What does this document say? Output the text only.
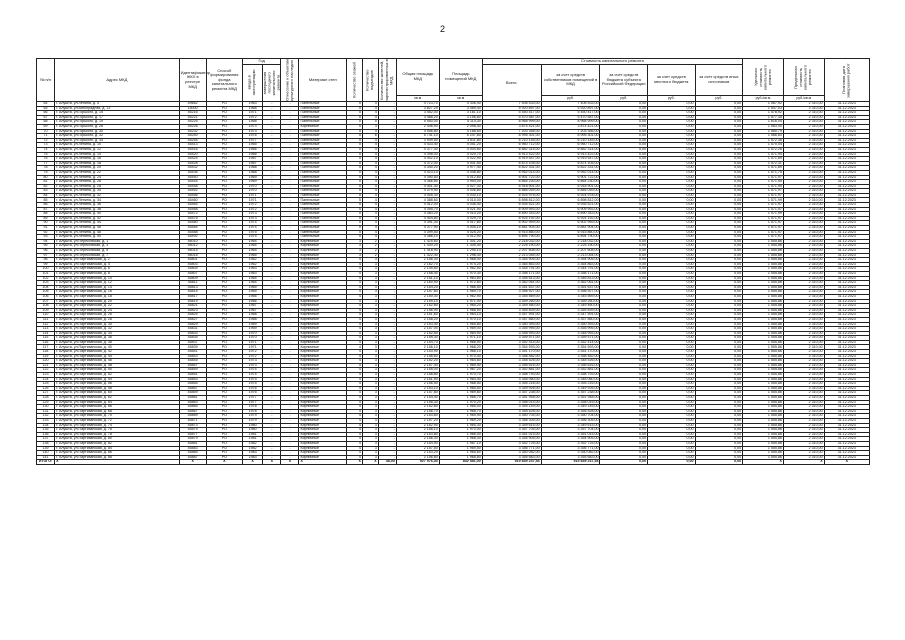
2
№ п/п	Адрес МКД	Идентификатор ЖКХ в реестре МКД	Способ формирования фонда капитального ремонта МКД	Год		Отнесение к объектам культурного наследия	Материал стен	Количество этажей	Количество подъездов	Количество жителей, зарегистрированных в МКД	Общая площадь МКД	Площадь помещений МКД	Стоимость капитального ремонта					Удельная стоимость капитального ремонта	Предельная стоимость капитального ремонта	Плановая дата завершения работ
				ввода в эксплуатацию	завершения последнего капитального ремонта								Всего:	за счет средств собственников помещений в МКД	за счет средств бюджета субъекта Российской Федерации	за счет средств местного бюджета	за счет средств иных источников			
											кв.м	кв.м		руб.	руб.	руб.	руб.	руб./кв.м	руб./кв.м	
64	г. Алушта, ул.Ленина, д. 4	49662	РО	1963	-	-	Панельные	5	4	-	4 723,70	4 306,40	7 406 533,00	7 406 533,00	0,00	0,00	0,00	1 567,92	2 310,00	31.12.2023
65	г. Алушта, ул.Виноградная, д. 13	15000	РО	1968	-	-	Панельные	5	4	-	3 827,29	3 489,40	5 920 897,00	5 920 897,00	0,00	0,00	0,00	1 547,03	2 310,00	31.12.2023
66	г. Алушта, ул.Горького, д. 15	45216	РО	1971	-	-	Панельные	5	4	-	3 452,00	3 161,10	5 450 417,00	5 450 417,00	0,00	0,00	0,00	1 578,92	2 310,00	31.12.2023
67	г. Алушта, ул.Горького, д. 17	45221	РО	1972	-	-	Панельные	5	4	-	3 468,20	3 156,80	5 470 587,00	5 470 587,00	0,00	0,00	0,00	1 577,35	2 310,00	31.12.2023
68	г. Алушта, ул.Горького, д. 19	45225	РО	1968	-	-	Панельные	5	5	-	5 550,00	5 114,30	8 968 999,00	8 968 999,00	0,00	0,00	0,00	1 616,04	2 310,00	31.12.2023
69	г. Алушта, ул.Горького, д. 26	45226	РО	1973	-	-	Кирпичные	5	3	-	2 446,90	2 098,40	3 874 421,00	3 874 421,00	0,00	0,00	0,00	1 583,40	2 310,00	31.12.2023
70	г. Алушта, ул.Горького, д. 30	45232	РО	1973	-	-	Панельные	5	4	-	4 556,80	4 188,60	7 203 356,00	7 203 356,00	0,00	0,00	0,00	1 580,79	2 310,00	31.12.2023
71	г. Алушта, ул.Горького, д. 32	45240	РО	1976	-	-	Панельные	5	6	-	5 741,10	5 247,60	8 995 301,00	8 995 301,00	0,00	0,00	0,00	1 566,83	2 310,00	31.12.2023
72	г. Алушта, ул.Горького, д. 34	45254	РО	1977	-	-	Панельные	5	4	-	3 949,50	3 611,80	6 210 145,00	6 210 145,00	0,00	0,00	0,00	1 572,38	2 310,00	31.12.2023
73	г. Алушта, ул.Ленина, д. 10	45413	РО	1965	-	-	Панельные	5	4	-	4 433,40	4 051,20	6 960 712,00	6 960 712,00	0,00	0,00	0,00	1 570,04	2 310,00	31.12.2023
74	г. Алушта, ул.Ленина, д. 12	45416	РО	1966	-	-	Панельные	5	4	-	4 377,30	4 004,80	6 882 314,00	6 882 314,00	0,00	0,00	0,00	1 572,26	2 310,00	31.12.2023
75	г. Алушта, ул.Ленина, д. 14	45420	РО	1966	-	-	Панельные	5	4	-	4 398,00	4 020,70	6 913 422,00	6 913 422,00	0,00	0,00	0,00	1 571,94	2 310,00	31.12.2023
76	г. Алушта, ул.Ленина, д. 16	45424	РО	1967	-	-	Панельные	5	4	-	4 402,10	4 022,90	6 919 547,00	6 919 547,00	0,00	0,00	0,00	1 571,89	2 310,00	31.12.2023
77	г. Алушта, ул.Ленина, д. 18	45428	РО	1967	-	-	Панельные	5	4	-	4 372,00	4 001,50	6 874 105,00	6 874 105,00	0,00	0,00	0,00	1 572,31	2 310,00	31.12.2023
78	г. Алушта, ул.Ленина, д. 20	45432	РО	1968	-	-	Панельные	5	4	-	4 340,20	3 977,40	6 822 331,00	6 822 331,00	0,00	0,00	0,00	1 571,89	2 310,00	31.12.2023
79	г. Алушта, ул.Ленина, д. 22	45436	РО	1968	-	-	Панельные	5	4	-	4 423,10	4 048,80	6 952 014,00	6 952 014,00	0,00	0,00	0,00	1 571,75	2 310,00	31.12.2023
80	г. Алушта, ул.Ленина, д. 24	45440	РО	1969	-	-	Панельные	5	4	-	4 390,50	4 012,60	6 901 722,00	6 901 722,00	0,00	0,00	0,00	1 571,97	2 310,00	31.12.2023
81	г. Алушта, ул.Ленина, д. 26	45444	РО	1969	-	-	Панельные	5	4	-	4 366,80	3 994,00	6 864 230,00	6 864 230,00	0,00	0,00	0,00	1 571,95	2 310,00	31.12.2023
82	г. Алушта, ул.Ленина, д. 28	45448	РО	1970	-	-	Панельные	5	4	-	4 401,40	4 027,30	6 918 901,00	6 918 901,00	0,00	0,00	0,00	1 571,95	2 310,00	31.12.2023
83	г. Алушта, ул.Ленина, д. 30	45452	РО	1970	-	-	Панельные	5	4	-	4 379,90	4 006,80	6 885 059,00	6 885 059,00	0,00	0,00	0,00	1 571,97	2 310,00	31.12.2023
84	г. Алушта, ул.Ленина, д. 32	45456	РО	1971	-	-	Панельные	5	4	-	4 405,30	4 030,10	6 924 978,00	6 924 978,00	0,00	0,00	0,00	1 571,97	2 310,00	31.12.2023
85	г. Алушта, ул.Ленина, д. 34	45460	РО	1971	-	-	Панельные	5	4	-	4 388,60	4 015,00	6 898 812,00	6 898 812,00	0,00	0,00	0,00	1 571,99	2 310,00	31.12.2023
86	г. Алушта, ул.Ленина, д. 36	45464	РО	1972	-	-	Панельные	5	4	-	4 412,00	4 036,40	6 935 521,00	6 935 521,00	0,00	0,00	0,00	1 571,97	2 310,00	31.12.2023
87	г. Алушта, ул.Ленина, д. 38	45468	РО	1972	-	-	Панельные	5	4	-	4 395,70	4 021,90	6 909 993,00	6 909 993,00	0,00	0,00	0,00	1 571,97	2 310,00	31.12.2023
88	г. Алушта, ул.Ленина, д. 40	45472	РО	1973	-	-	Панельные	5	4	-	4 383,20	4 010,20	6 890 343,00	6 890 343,00	0,00	0,00	0,00	1 571,99	2 310,00	31.12.2023
89	г. Алушта, ул.Ленина, д. 42	45476	РО	1973	-	-	Панельные	5	4	-	4 404,80	4 029,70	6 924 192,00	6 924 192,00	0,00	0,00	0,00	1 571,97	2 310,00	31.12.2023
90	г. Алушта, ул.Ленина, д. 44	45480	РО	1974	-	-	Панельные	5	4	-	4 391,30	4 017,60	6 902 959,00	6 902 959,00	0,00	0,00	0,00	1 571,97	2 310,00	31.12.2023
91	г. Алушта, ул.Ленина, д. 46	45484	РО	1974	-	-	Панельные	5	4	-	4 377,90	4 005,10	6 881 904,00	6 881 904,00	0,00	0,00	0,00	1 571,97	2 310,00	31.12.2023
92	г. Алушта, ул.Ленина, д. 48	45488	РО	1975	-	-	Панельные	5	4	-	4 399,50	4 025,20	6 915 860,00	6 915 860,00	0,00	0,00	0,00	1 571,97	2 310,00	31.12.2023
93	г. Алушта, ул.Ленина, д. 50	45492	РО	1975	-	-	Панельные	5	4	-	4 386,10	4 012,90	6 894 790,00	6 894 790,00	0,00	0,00	0,00	1 571,97	2 310,00	31.12.2023
94	г. Алушта, ул.Перекопская, д. 1	46010	РО	1964	-	-	Кирпичные	3	2	-	1 425,60	1 301,20	2 218 032,00	2 218 032,00	0,00	0,00	0,00	1 555,86	2 310,00	31.12.2023
95	г. Алушта, ул.Перекопская, д. 3	46012	РО	1964	-	-	Кирпичные	3	2	-	1 430,20	1 305,40	2 225 190,00	2 225 190,00	0,00	0,00	0,00	1 555,86	2 310,00	31.12.2023
96	г. Алушта, ул.Перекопская, д. 5	46014	РО	1965	-	-	Кирпичные	3	2	-	1 418,90	1 295,10	2 207 608,00	2 207 608,00	0,00	0,00	0,00	1 555,86	2 310,00	31.12.2023
97	г. Алушта, ул.Перекопская, д. 7	46016	РО	1965	-	-	Кирпичные	3	2	-	1 422,40	1 298,30	2 213 054,00	2 213 054,00	0,00	0,00	0,00	1 555,86	2 310,00	31.12.2023
98	г. Алушта, ул.Партизанская, д. 2	45801	РО	1962	-	-	Кирпичные	4	3	-	2 156,30	1 968,40	3 354 905,00	3 354 905,00	0,00	0,00	0,00	1 555,86	2 310,00	31.12.2023
99	г. Алушта, ул.Партизанская, д. 4	45803	РО	1962	-	-	Кирпичные	4	3	-	2 162,70	1 974,20	3 364 863,00	3 364 863,00	0,00	0,00	0,00	1 555,86	2 310,00	31.12.2023
100	г. Алушта, ул.Партизанская, д. 6	45805	РО	1963	-	-	Кирпичные	4	3	-	2 149,80	1 962,50	3 344 791,00	3 344 791,00	0,00	0,00	0,00	1 555,86	2 310,00	31.12.2023
101	г. Алушта, ул.Партизанская, д. 8	45807	РО	1963	-	-	Кирпичные	4	3	-	2 158,40	1 970,30	3 358 171,00	3 358 171,00	0,00	0,00	0,00	1 555,86	2 310,00	31.12.2023
102	г. Алушта, ул.Партизанская, д. 10	45809	РО	1964	-	-	Кирпичные	4	3	-	2 151,10	1 963,60	3 346 813,00	3 346 813,00	0,00	0,00	0,00	1 555,86	2 310,00	31.12.2023
103	г. Алушта, ул.Партизанская, д. 12	45811	РО	1964	-	-	Кирпичные	4	3	-	2 160,90	1 972,60	3 362 061,00	3 362 061,00	0,00	0,00	0,00	1 555,86	2 310,00	31.12.2023
104	г. Алушта, ул.Партизанская, д. 14	45813	РО	1965	-	-	Кирпичные	4	3	-	2 154,20	1 966,50	3 351 637,00	3 351 637,00	0,00	0,00	0,00	1 555,86	2 310,00	31.12.2023
105	г. Алушта, ул.Партизанская, д. 16	45815	РО	1965	-	-	Кирпичные	4	3	-	2 157,60	1 969,70	3 356 927,00	3 356 927,00	0,00	0,00	0,00	1 555,86	2 310,00	31.12.2023
106	г. Алушта, ул.Партизанская, д. 18	45817	РО	1966	-	-	Кирпичные	4	3	-	2 150,30	1 962,90	3 345 569,00	3 345 569,00	0,00	0,00	0,00	1 555,86	2 310,00	31.12.2023
107	г. Алушта, ул.Партизанская, д. 20	45819	РО	1966	-	-	Кирпичные	4	3	-	2 159,10	1 971,00	3 359 260,00	3 359 260,00	0,00	0,00	0,00	1 555,86	2 310,00	31.12.2023
108	г. Алушта, ул.Партизанская, д. 22	45821	РО	1967	-	-	Кирпичные	4	3	-	2 152,80	1 965,20	3 349 460,00	3 349 460,00	0,00	0,00	0,00	1 555,86	2 310,00	31.12.2023
109	г. Алушта, ул.Партизанская, д. 24	45823	РО	1967	-	-	Кирпичные	4	3	-	2 156,90	1 968,90	3 355 839,00	3 355 839,00	0,00	0,00	0,00	1 555,86	2 310,00	31.12.2023
110	г. Алушта, ул.Партизанская, д. 26	45825	РО	1968	-	-	Кирпичные	4	3	-	2 151,60	1 964,10	3 347 591,00	3 347 591,00	0,00	0,00	0,00	1 555,86	2 310,00	31.12.2023
111	г. Алушта, ул.Партизанская, д. 28	45827	РО	1968	-	-	Кирпичные	4	3	-	2 158,20	1 970,10	3 357 860,00	3 357 860,00	0,00	0,00	0,00	1 555,86	2 310,00	31.12.2023
112	г. Алушта, ул.Партизанская, д. 30	45829	РО	1969	-	-	Кирпичные	4	3	-	2 153,40	1 965,80	3 350 393,00	3 350 393,00	0,00	0,00	0,00	1 555,86	2 310,00	31.12.2023
113	г. Алушта, ул.Партизанская, д. 32	45831	РО	1969	-	-	Кирпичные	4	3	-	2 157,00	1 969,00	3 355 995,00	3 355 995,00	0,00	0,00	0,00	1 555,86	2 310,00	31.12.2023
114	г. Алушта, ул.Партизанская, д. 34	45833	РО	1970	-	-	Кирпичные	4	3	-	2 152,50	1 964,90	3 348 993,00	3 348 993,00	0,00	0,00	0,00	1 555,86	2 310,00	31.12.2023
115	г. Алушта, ул.Партизанская, д. 36	45835	РО	1970	-	-	Кирпичные	4	3	-	2 159,30	1 971,10	3 359 571,00	3 359 571,00	0,00	0,00	0,00	1 555,86	2 310,00	31.12.2023
116	г. Алушта, ул.Партизанская, д. 38	45837	РО	1971	-	-	Кирпичные	4	3	-	2 154,70	1 966,90	3 352 414,00	3 352 414,00	0,00	0,00	0,00	1 555,86	2 310,00	31.12.2023
117	г. Алушта, ул.Партизанская, д. 40	45839	РО	1971	-	-	Кирпичные	4	3	-	2 156,10	1 968,20	3 354 593,00	3 354 593,00	0,00	0,00	0,00	1 555,86	2 310,00	31.12.2023
118	г. Алушта, ул.Партизанская, д. 42	45841	РО	1972	-	-	Кирпичные	4	3	-	2 153,90	1 966,10	3 351 170,00	3 351 170,00	0,00	0,00	0,00	1 555,86	2 310,00	31.12.2023
119	г. Алушта, ул.Партизанская, д. 44	45843	РО	1972	-	-	Кирпичные	4	3	-	2 158,60	1 970,40	3 358 482,00	3 358 482,00	0,00	0,00	0,00	1 555,86	2 310,00	31.12.2023
120	г. Алушта, ул.Партизанская, д. 46	45845	РО	1973	-	-	Кирпичные	4	3	-	2 152,20	1 964,60	3 348 526,00	3 348 526,00	0,00	0,00	0,00	1 555,86	2 310,00	31.12.2023
121	г. Алушта, ул.Партизанская, д. 48	45847	РО	1973	-	-	Кирпичные	4	3	-	2 157,40	1 969,40	3 356 616,00	3 356 616,00	0,00	0,00	0,00	1 555,86	2 310,00	31.12.2023
122	г. Алушта, ул.Партизанская, д. 50	45849	РО	1974	-	-	Кирпичные	4	3	-	2 155,00	1 967,20	3 352 881,00	3 352 881,00	0,00	0,00	0,00	1 555,86	2 310,00	31.12.2023
123	г. Алушта, ул.Партизанская, д. 52	45851	РО	1974	-	-	Кирпичные	4	3	-	2 158,80	1 970,70	3 358 793,00	3 358 793,00	0,00	0,00	0,00	1 555,86	2 310,00	31.12.2023
124	г. Алушта, ул.Партизанская, д. 54	45853	РО	1975	-	-	Кирпичные	4	3	-	2 151,90	1 964,40	3 348 060,00	3 348 060,00	0,00	0,00	0,00	1 555,86	2 310,00	31.12.2023
125	г. Алушта, ул.Партизанская, д. 56	45855	РО	1975	-	-	Кирпичные	4	3	-	2 156,50	1 968,50	3 355 216,00	3 355 216,00	0,00	0,00	0,00	1 555,86	2 310,00	31.12.2023
126	г. Алушта, ул.Партизанская, д. 58	45857	РО	1976	-	-	Кирпичные	4	3	-	2 153,10	1 965,50	3 349 926,00	3 349 926,00	0,00	0,00	0,00	1 555,86	2 310,00	31.12.2023
127	г. Алушта, ул.Партизанская, д. 60	45859	РО	1976	-	-	Кирпичные	4	3	-	2 157,80	1 969,80	3 357 238,00	3 357 238,00	0,00	0,00	0,00	1 555,86	2 310,00	31.12.2023
128	г. Алушта, ул.Партизанская, д. 62	45861	РО	1977	-	-	Кирпичные	4	3	-	2 154,40	1 966,70	3 351 948,00	3 351 948,00	0,00	0,00	0,00	1 555,86	2 310,00	31.12.2023
129	г. Алушта, ул.Партизанская, д. 64	45863	РО	1977	-	-	Кирпичные	4	3	-	2 158,30	1 970,20	3 358 015,00	3 358 015,00	0,00	0,00	0,00	1 555,86	2 310,00	31.12.2023
130	г. Алушта, ул.Партизанская, д. 66	45865	РО	1978	-	-	Кирпичные	4	3	-	2 152,60	1 965,00	3 349 149,00	3 349 149,00	0,00	0,00	0,00	1 555,86	2 310,00	31.12.2023
131	г. Алушта, ул.Партизанская, д. 68	45867	РО	1978	-	-	Кирпичные	4	3	-	2 156,70	1 968,70	3 355 528,00	3 355 528,00	0,00	0,00	0,00	1 555,86	2 310,00	31.12.2023
132	г. Алушта, ул.Партизанская, д. 70	45869	РО	1979	-	-	Кирпичные	4	3	-	2 153,60	1 965,90	3 350 704,00	3 350 704,00	0,00	0,00	0,00	1 555,86	2 310,00	31.12.2023
133	г. Алушта, ул.Партизанская, д. 72	45871	РО	1979	-	-	Кирпичные	4	3	-	2 157,20	1 969,20	3 356 305,00	3 356 305,00	0,00	0,00	0,00	1 555,86	2 310,00	31.12.2023
134	г. Алушта, ул.Партизанская, д. 74	45873	РО	1980	-	-	Кирпичные	4	3	-	2 152,90	1 965,30	3 349 615,00	3 349 615,00	0,00	0,00	0,00	1 555,86	2 310,00	31.12.2023
135	г. Алушта, ул.Партизанская, д. 76	45875	РО	1980	-	-	Кирпичные	4	3	-	2 158,10	1 970,00	3 357 704,00	3 357 704,00	0,00	0,00	0,00	1 555,86	2 310,00	31.12.2023
136	г. Алушта, ул.Партизанская, д. 78	45877	РО	1981	-	-	Кирпичные	4	3	-	2 153,80	1 966,00	3 351 015,00	3 351 015,00	0,00	0,00	0,00	1 555,86	2 310,00	31.12.2023
137	г. Алушта, ул.Партизанская, д. 80	45879	РО	1981	-	-	Кирпичные	4	3	-	2 156,30	1 968,30	3 354 905,00	3 354 905,00	0,00	0,00	0,00	1 555,86	2 310,00	31.12.2023
138	г. Алушта, ул.Партизанская, д. 82	45881	РО	1982	-	-	Кирпичные	4	3	-	2 154,90	1 967,10	3 352 725,00	3 352 725,00	0,00	0,00	0,00	1 555,86	2 310,00	31.12.2023
139	г. Алушта, ул.Партизанская, д. 84	45883	РО	1982	-	-	Кирпичные	4	3	-	2 157,50	1 969,50	3 356 771,00	3 356 771,00	0,00	0,00	0,00	1 555,86	2 310,00	31.12.2023
140	г. Алушта, ул.Партизанская, д. 86	45885	РО	1983	-	-	Кирпичные	4	3	-	2 153,20	1 965,60	3 350 082,00	3 350 082,00	0,00	0,00	0,00	1 555,86	2 310,00	31.12.2023
141	г. Алушта, ул.Партизанская, д. 88	45887	РО	1983	-	-	Кирпичные	4	3	-	2 156,80	1 968,80	3 355 683,00	3 355 683,00	0,00	0,00	0,00	1 555,86	2 310,00	31.12.2023
ИТОГО:	X	X	X	X	X	X	X	X	X	48,00	927 976,30	832 581,00	919 839 237,54	919 839 237,54	0,00	0,00	0,00	X	X	X
